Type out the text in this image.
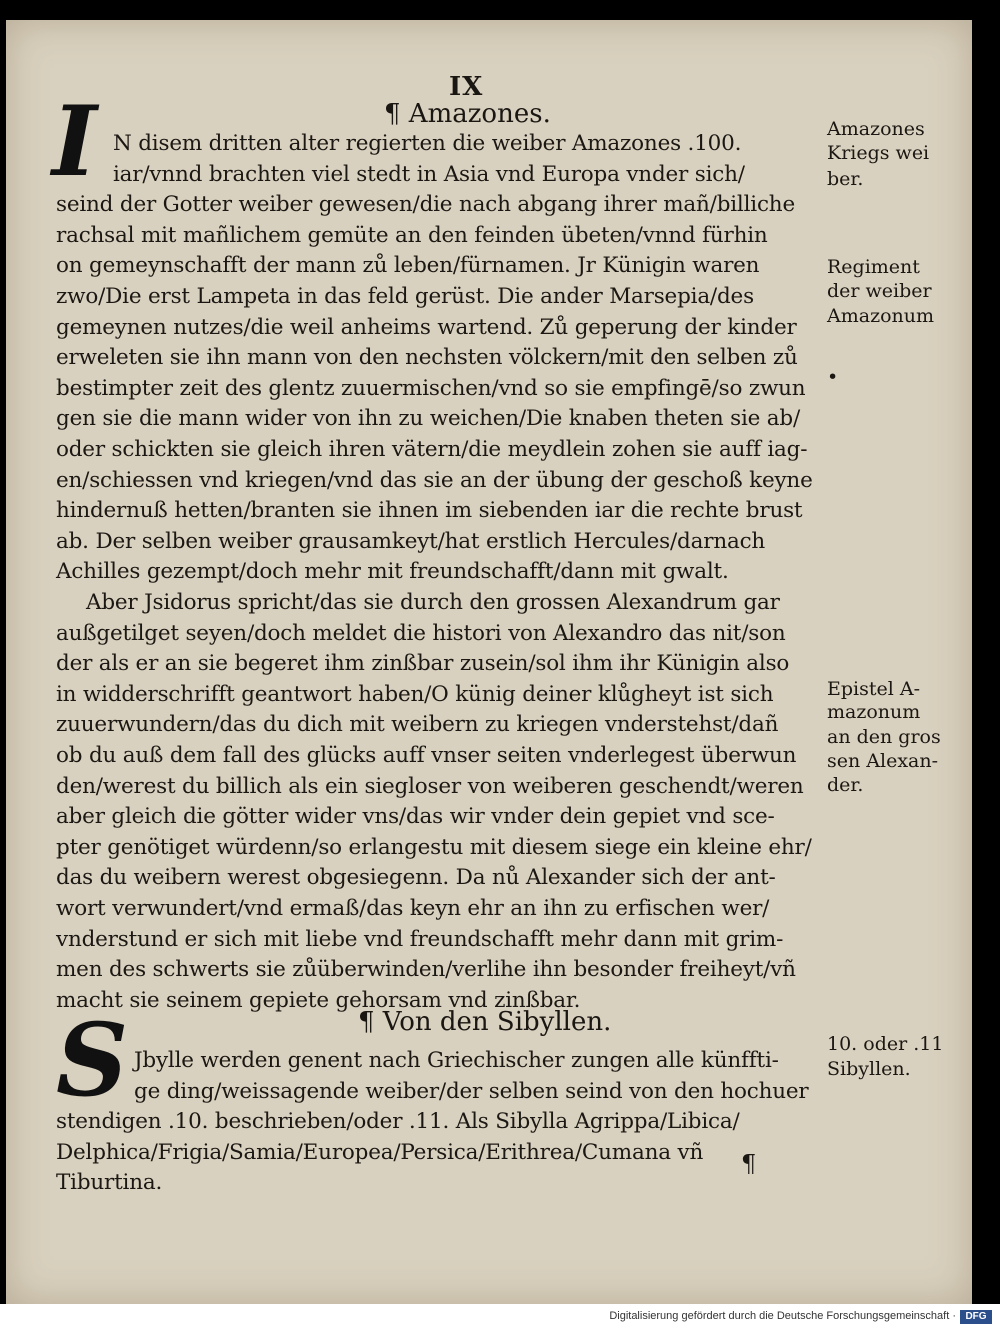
IX
¶ Amazones.
I N disem dritten alter regierten die weiber Amazones .100.
iar/vnnd brachten viel stedt in Asia vnd Europa vnder sich/
seind der Gotter weiber gewesen/die nach abgang ihrer mañ/billiche
rachsal mit mañlichem gemüte an den feinden übeten/vnnd fürhin
on gemeynschafft der mann zů leben/fürnamen. Jr Künigin waren
zwo/Die erst Lampeta in das feld gerüst. Die ander Marsepia/des
gemeynen nutzes/die weil anheims wartend. Zů geperung der kinder
erweleten sie ihn mann von den nechsten völckern/mit den selben zů
bestimpter zeit des glentz zuuermischen/vnd so sie empfingē/so zwun
gen sie die mann wider von ihn zu weichen/Die knaben theten sie ab/
oder schickten sie gleich ihren vätern/die meydlein zohen sie auff iag-
en/schiessen vnd kriegen/vnd das sie an der übung der geschoß keyne
hindernuß hetten/branten sie ihnen im siebenden iar die rechte brust
ab. Der selben weiber grausamkeyt/hat erstlich Hercules/darnach
Achilles gezempt/doch mehr mit freundschafft/dann mit gwalt.
Aber Jsidorus spricht/das sie durch den grossen Alexandrum gar
außgetilget seyen/doch meldet die histori von Alexandro das nit/son
der als er an sie begeret ihm zinßbar zusein/sol ihm ihr Künigin also
in widderschrifft geantwort haben/O künig deiner klůgheyt ist sich
zuuerwundern/das du dich mit weibern zu kriegen vnderstehst/dañ
ob du auß dem fall des glücks auff vnser seiten vnderlegest überwun
den/werest du billich als ein siegloser von weiberen geschendt/weren
aber gleich die götter wider vns/das wir vnder dein gepiet vnd sce-
pter genötiget würdenn/so erlangestu mit diesem siege ein kleine ehr/
das du weibern werest obgesiegenn. Da nů Alexander sich der ant-
wort verwundert/vnd ermaß/das keyn ehr an ihn zu erfischen wer/
vnderstund er sich mit liebe vnd freundschafft mehr dann mit grim-
men des schwerts sie zůüberwinden/verlihe ihn besonder freiheyt/vñ
macht sie seinem gepiete gehorsam vnd zinßbar.
¶ Von den Sibyllen.
S Jbylle werden genent nach Griechischer zungen alle künffti-
ge ding/weissagende weiber/der selben seind von den hochuer
stendigen .10. beschrieben/oder .11. Als Sibylla Agrippa/Libica/
Delphica/Frigia/Samia/Europea/Persica/Erithrea/Cumana vñ
Tiburtina.
¶
Amazones
Kriegs wei
ber.
Regiment
der weiber
Amazonum
•
Epistel A-
mazonum
an den gros
sen Alexan-
der.
10. oder .11
Sibyllen.
Digitalisierung gefördert durch die Deutsche Forschungsgemeinschaft · DFG
